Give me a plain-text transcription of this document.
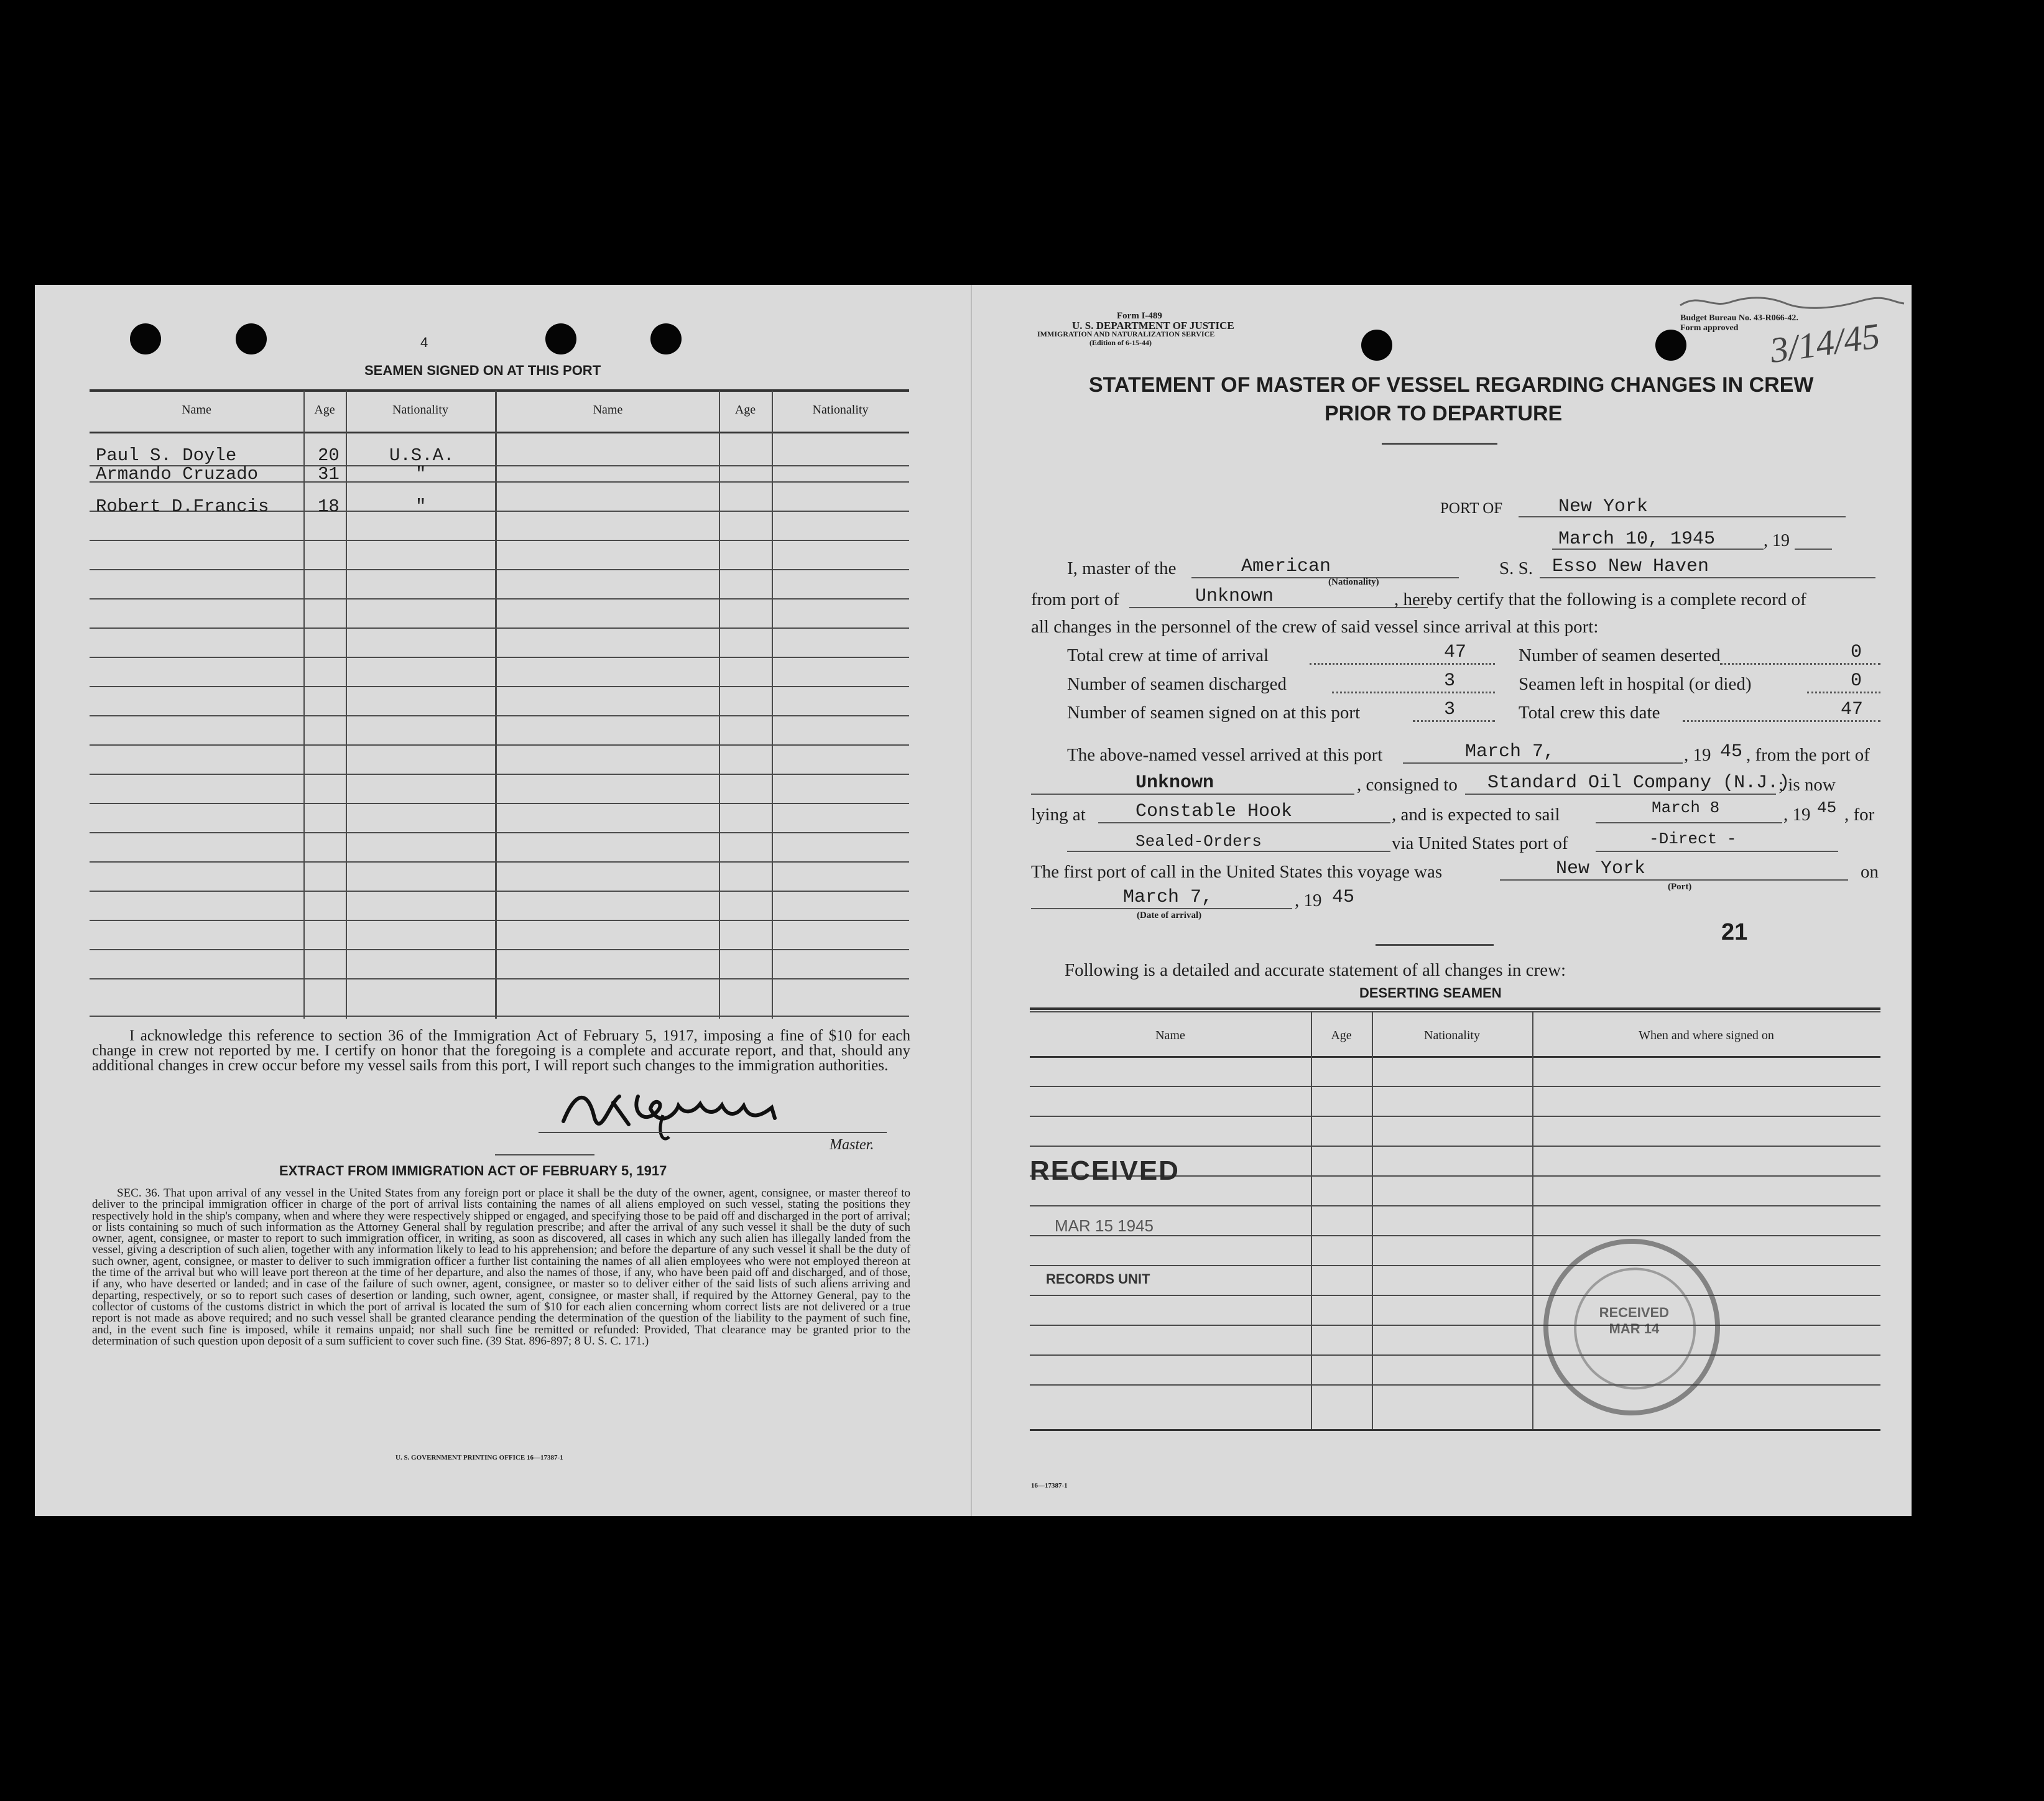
4
SEAMEN SIGNED ON AT THIS PORT
Name	Age	Nationality	Name	Age	Nationality
Paul S. Doyle	20	U.S.A.
Armando Cruzado	31	"
Robert D.Francis	18	"
I acknowledge this reference to section 36 of the Immigration Act of February 5, 1917, imposing a fine of $10 for each change in crew not reported by me. I certify on honor that the foregoing is a complete and accurate report, and that, should any additional changes in crew occur before my vessel sails from this port, I will report such changes to the immigration authorities.
Master.
EXTRACT FROM IMMIGRATION ACT OF FEBRUARY 5, 1917
SEC. 36. That upon arrival of any vessel in the United States from any foreign port or place it shall be the duty of the owner, agent, consignee, or master thereof to deliver to the principal immigration officer in charge of the port of arrival lists containing the names of all aliens employed on such vessel, stating the positions they respectively hold in the ship's company, when and where they were respectively shipped or engaged, and specifying those to be paid off and discharged in the port of arrival; or lists containing so much of such information as the Attorney General shall by regulation prescribe; and after the arrival of any such vessel it shall be the duty of such owner, agent, consignee, or master to report to such immigration officer, in writing, as soon as discovered, all cases in which any such alien has illegally landed from the vessel, giving a description of such alien, together with any information likely to lead to his apprehension; and before the departure of any such vessel it shall be the duty of such owner, agent, consignee, or master to deliver to such immigration officer a further list containing the names of all alien employees who were not employed thereon at the time of the arrival but who will leave port thereon at the time of her departure, and also the names of those, if any, who have been paid off and discharged, and of those, if any, who have deserted or landed; and in case of the failure of such owner, agent, consignee, or master so to deliver either of the said lists of such aliens arriving and departing, respectively, or so to report such cases of desertion or landing, such owner, agent, consignee, or master shall, if required by the Attorney General, pay to the collector of customs of the customs district in which the port of arrival is located the sum of $10 for each alien concerning whom correct lists are not delivered or a true report is not made as above required; and no such vessel shall be granted clearance pending the determination of the question of the liability to the payment of such fine, and, in the event such fine is imposed, while it remains unpaid; nor shall such fine be remitted or refunded: Provided, That clearance may be granted prior to the determination of such question upon deposit of a sum sufficient to cover such fine. (39 Stat. 896-897; 8 U. S. C. 171.)
U. S. GOVERNMENT PRINTING OFFICE 16—17387-1
Form I-489
U. S. DEPARTMENT OF JUSTICE
IMMIGRATION AND NATURALIZATION SERVICE
(Edition of 6-15-44)
Budget Bureau No. 43-R066-42.
Form approved 3/14/45
STATEMENT OF MASTER OF VESSEL REGARDING CHANGES IN CREW
PRIOR TO DEPARTURE
PORT OF	New York
March 10, 1945	, 19
I, master of the	American
(Nationality)
S. S. Esso New Haven
from port of	Unknown	, hereby certify that the following is a complete record of
all changes in the personnel of the crew of said vessel since arrival at this port:
Total crew at time of arrival	47
Number of seamen discharged	3
Number of seamen signed on at this port	3
Number of seamen deserted	0
Seamen left in hospital (or died)	0
Total crew this date	47
The above-named vessel arrived at this port	March 7,	, 19 45 , from the port of
Unknown	, consigned to Standard Oil Company (N.J.)
; is now
lying at	Constable Hook	, and is expected to sail	March 8	, 19 45 , for
Sealed-Orders	via United States port of	-Direct -
The first port of call in the United States this voyage was	New York
(Port)
on
March 7,	, 19 45
(Date of arrival)
21
Following is a detailed and accurate statement of all changes in crew:
DESERTING SEAMEN
Name	Age	Nationality	When and where signed on
RECEIVED
MAR 15 1945
RECORDS UNIT
RECEIVED MAR 14
16—17387-1
